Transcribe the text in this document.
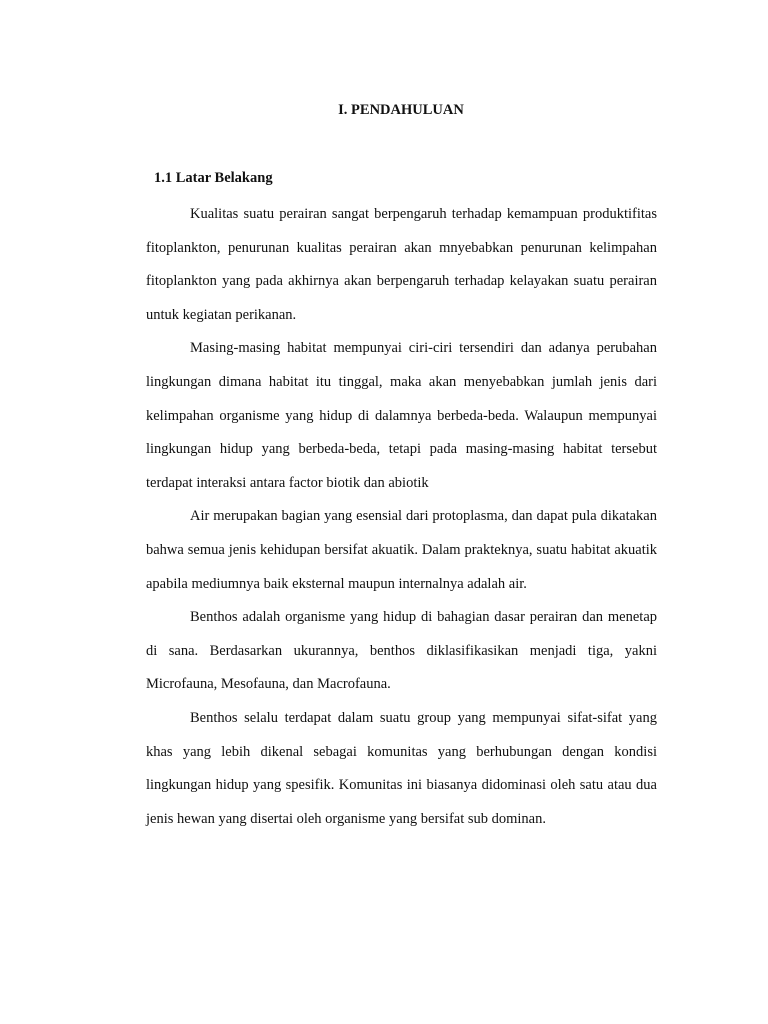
I. PENDAHULUAN
1.1 Latar Belakang

Kualitas suatu perairan sangat berpengaruh terhadap kemampuan produktifitas fitoplankton, penurunan kualitas perairan akan mnyebabkan penurunan kelimpahan fitoplankton yang pada akhirnya akan berpengaruh terhadap kelayakan suatu perairan untuk kegiatan perikanan.

Masing-masing habitat mempunyai ciri-ciri tersendiri dan adanya perubahan lingkungan dimana habitat itu tinggal, maka akan menyebabkan jumlah jenis dari kelimpahan organisme yang hidup di dalamnya berbeda-beda. Walaupun mempunyai lingkungan hidup yang berbeda-beda, tetapi pada masing-masing habitat tersebut terdapat interaksi antara factor biotik dan abiotik

Air merupakan bagian yang esensial dari protoplasma, dan dapat pula dikatakan bahwa semua jenis kehidupan bersifat akuatik. Dalam prakteknya, suatu habitat akuatik apabila mediumnya baik eksternal maupun internalnya adalah air.

Benthos adalah organisme yang hidup di bahagian dasar perairan dan menetap di sana. Berdasarkan ukurannya, benthos diklasifikasikan menjadi tiga, yakni Microfauna, Mesofauna, dan Macrofauna.

Benthos selalu terdapat dalam suatu group yang mempunyai sifat-sifat yang khas yang lebih dikenal sebagai komunitas yang berhubungan dengan kondisi lingkungan hidup yang spesifik. Komunitas ini biasanya didominasi oleh satu atau dua jenis hewan yang disertai oleh organisme yang bersifat sub dominan.
